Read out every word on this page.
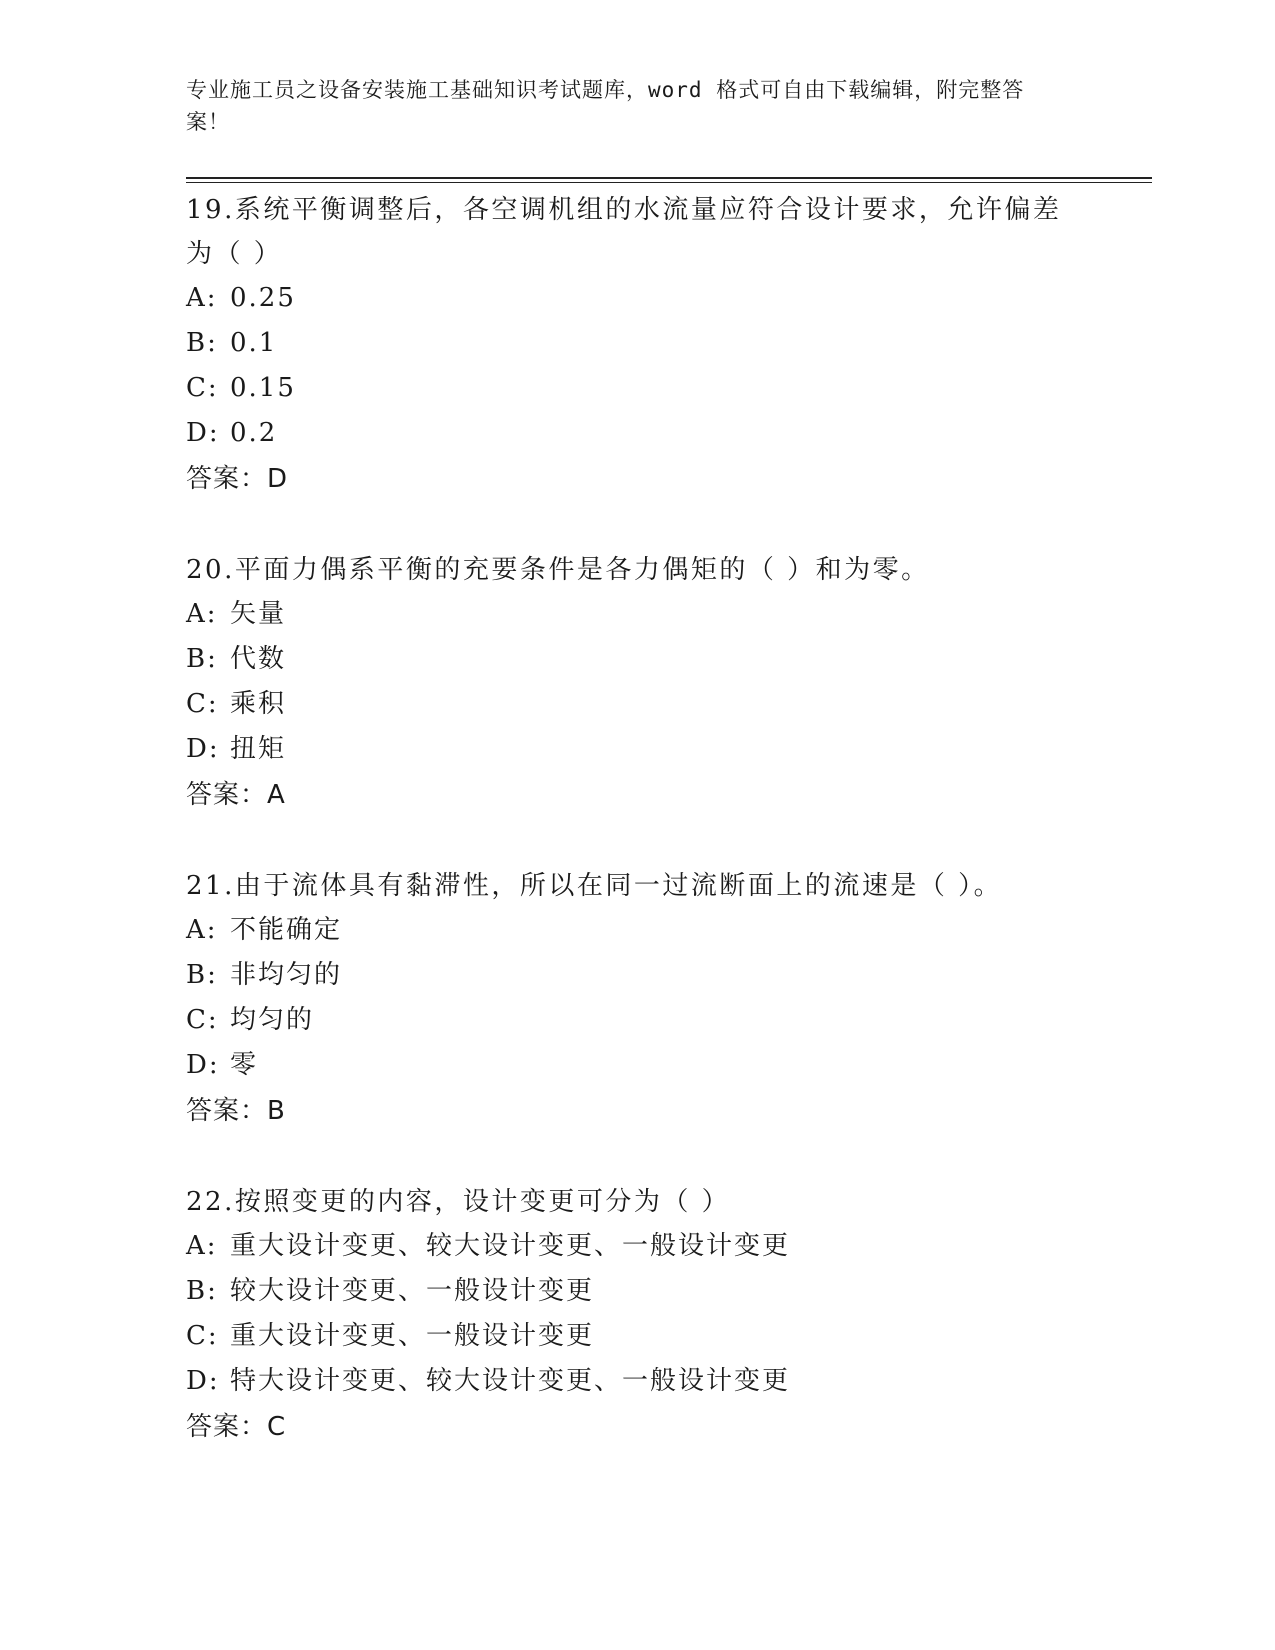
专业施工员之设备安装施工基础知识考试题库，word 格式可自由下载编辑，附完整答案！
19.系统平衡调整后，各空调机组的水流量应符合设计要求，允许偏差为（ ）
A: 0.25
B: 0.1
C: 0.15
D: 0.2
答案：D
20.平面力偶系平衡的充要条件是各力偶矩的（ ）和为零。
A: 矢量
B: 代数
C: 乘积
D: 扭矩
答案：A
21.由于流体具有黏滞性，所以在同一过流断面上的流速是（ ）。
A: 不能确定
B: 非均匀的
C: 均匀的
D: 零
答案：B
22.按照变更的内容，设计变更可分为（ ）
A: 重大设计变更、较大设计变更、一般设计变更
B: 较大设计变更、一般设计变更
C: 重大设计变更、一般设计变更
D: 特大设计变更、较大设计变更、一般设计变更
答案：C
